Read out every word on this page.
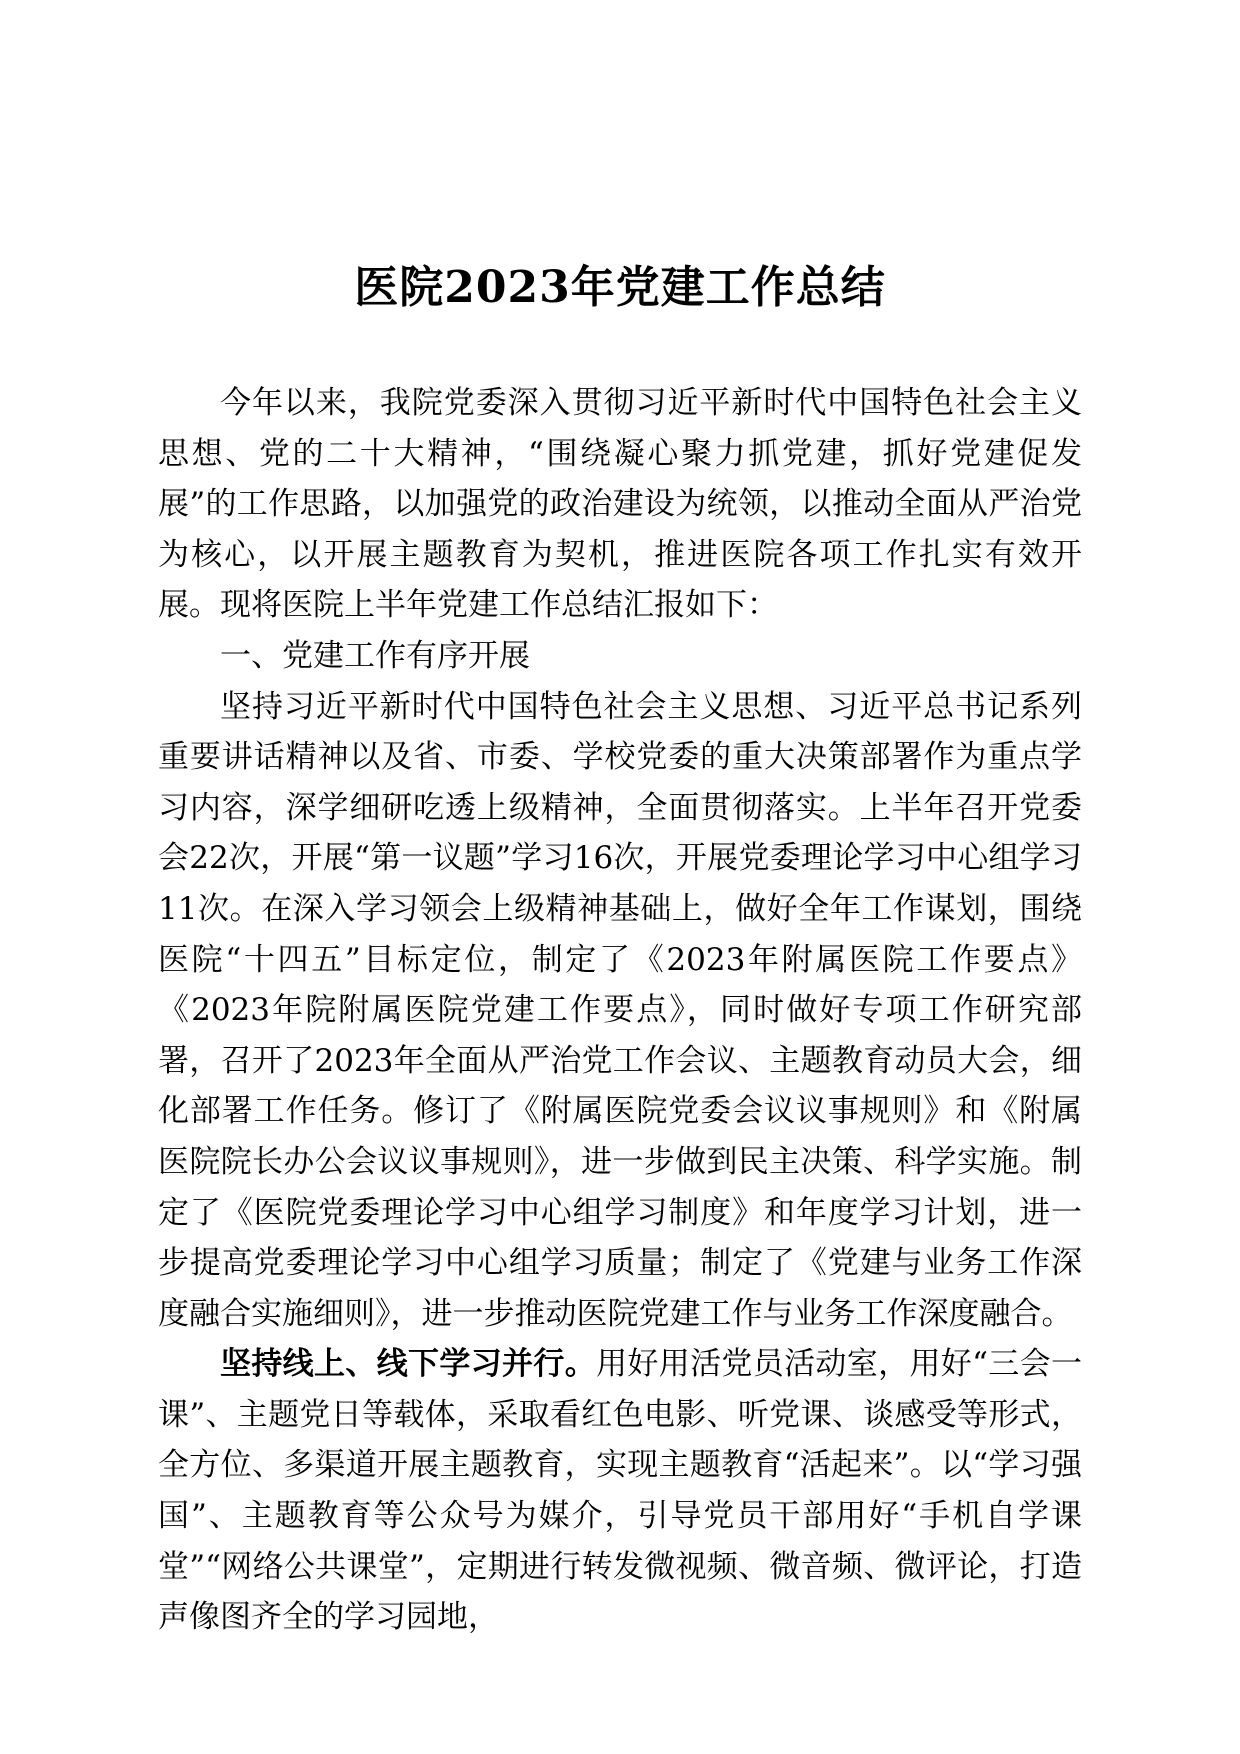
医院2023年党建工作总结

今年以来，我院党委深入贯彻习近平新时代中国特色社会主义思想、党的二十大精神，“围绕凝心聚力抓党建，抓好党建促发展”的工作思路，以加强党的政治建设为统领，以推动全面从严治党为核心，以开展主题教育为契机，推进医院各项工作扎实有效开展。现将医院上半年党建工作总结汇报如下：

一、党建工作有序开展

坚持习近平新时代中国特色社会主义思想、习近平总书记系列重要讲话精神以及省、市委、学校党委的重大决策部署作为重点学习内容，深学细研吃透上级精神，全面贯彻落实。上半年召开党委会22次，开展“第一议题”学习16次，开展党委理论学习中心组学习11次。在深入学习领会上级精神基础上，做好全年工作谋划，围绕医院“十四五”目标定位，制定了《2023年附属医院工作要点》《2023年院附属医院党建工作要点》，同时做好专项工作研究部署，召开了2023年全面从严治党工作会议、主题教育动员大会，细化部署工作任务。修订了《附属医院党委会议议事规则》和《附属医院院长办公会议议事规则》，进一步做到民主决策、科学实施。制定了《医院党委理论学习中心组学习制度》和年度学习计划，进一步提高党委理论学习中心组学习质量；制定了《党建与业务工作深度融合实施细则》，进一步推动医院党建工作与业务工作深度融合。

坚持线上、线下学习并行。用好用活党员活动室，用好“三会一课”、主题党日等载体，采取看红色电影、听党课、谈感受等形式，全方位、多渠道开展主题教育，实现主题教育“活起来”。以“学习强国”、主题教育等公众号为媒介，引导党员干部用好“手机自学课堂”“网络公共课堂”，定期进行转发微视频、微音频、微评论，打造声像图齐全的学习园地，
